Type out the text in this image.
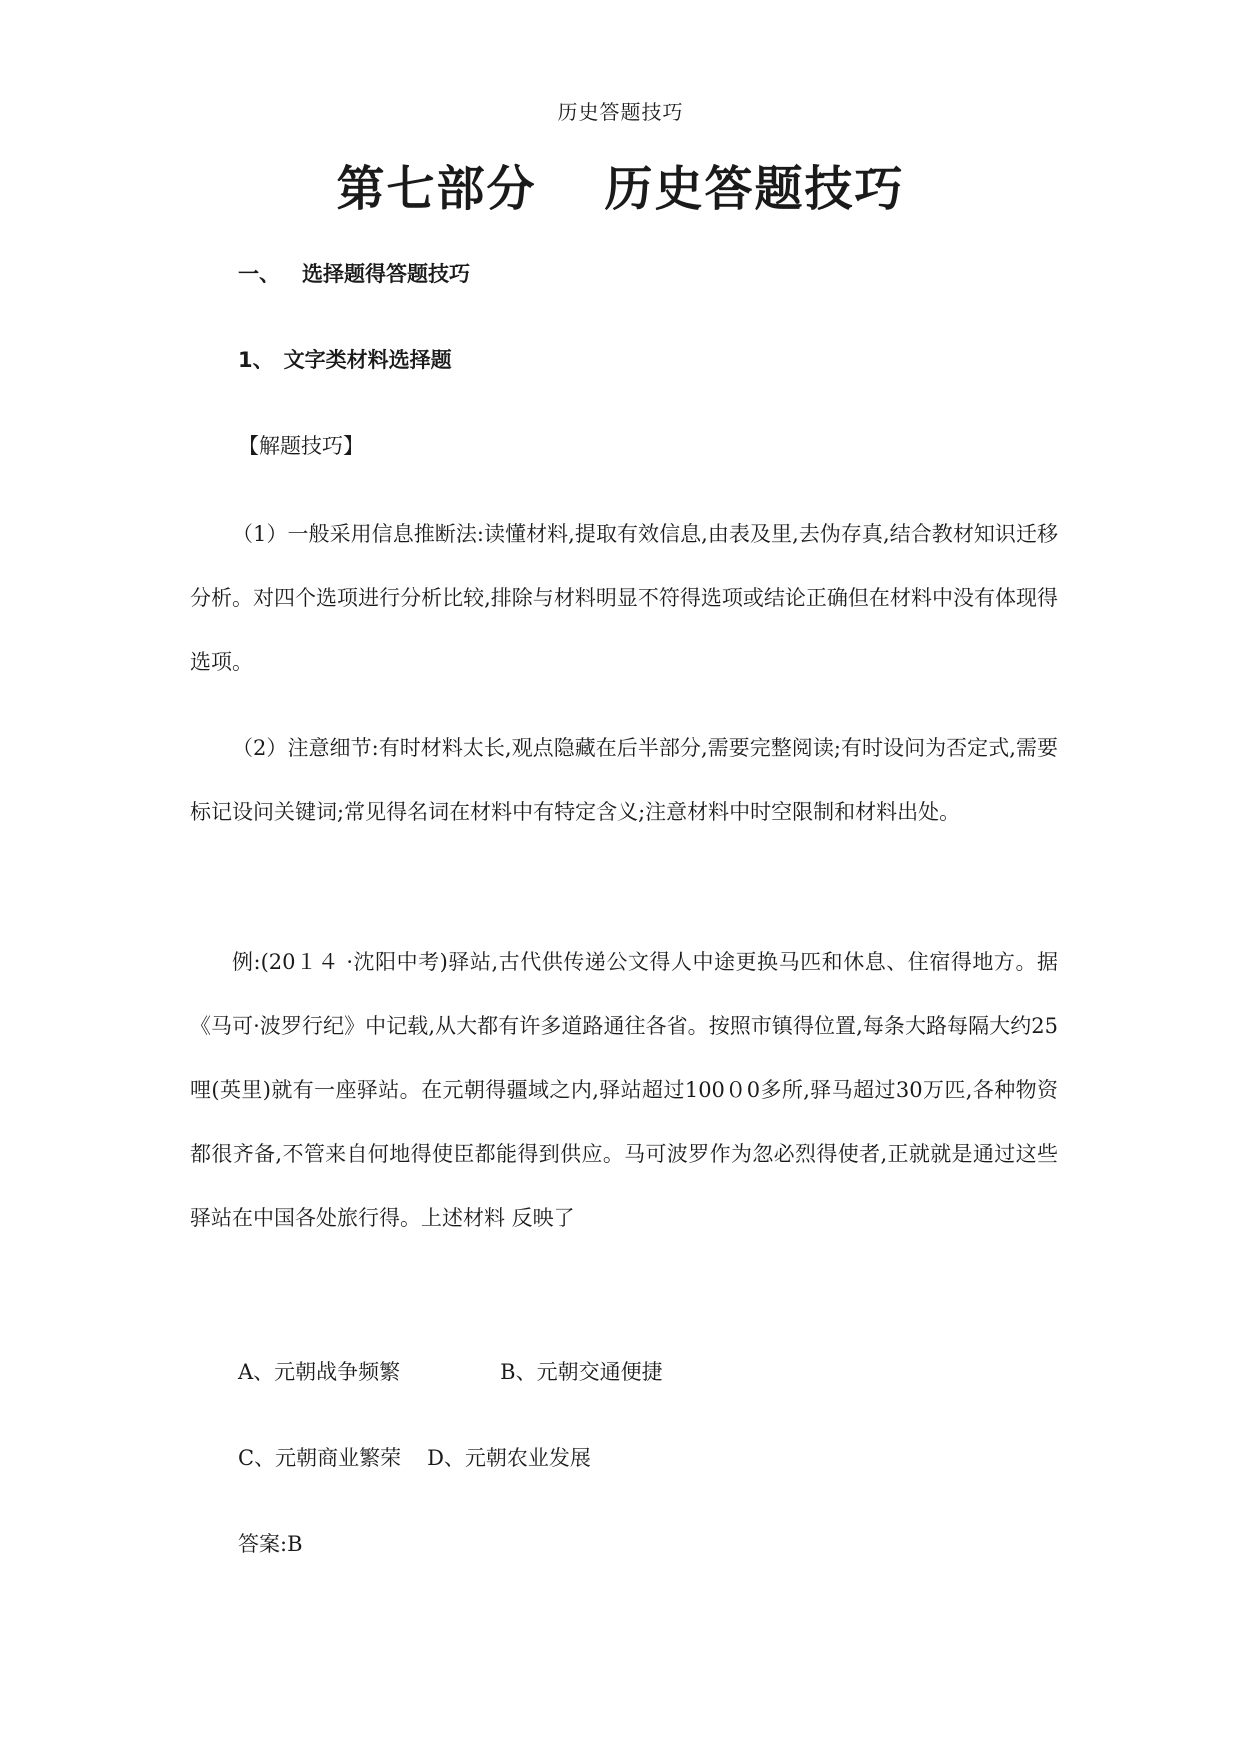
历史答题技巧
第七部分 历史答题技巧
一、 选择题得答题技巧
1、 文字类材料选择题
【解题技巧】

（1）一般采用信息推断法:读懂材料,提取有效信息,由表及里,去伪存真,结合教材知识迁移分析。对四个选项进行分析比较,排除与材料明显不符得选项或结论正确但在材料中没有体现得选项。

（2）注意细节:有时材料太长,观点隐藏在后半部分,需要完整阅读;有时设问为否定式,需要标记设问关键词;常见得名词在材料中有特定含义;注意材料中时空限制和材料出处。

例:(20１４ ·沈阳中考)驿站,古代供传递公文得人中途更换马匹和休息、住宿得地方。据《马可·波罗行纪》中记载,从大都有许多道路通往各省。按照市镇得位置,每条大路每隔大约25哩(英里)就有一座驿站。在元朝得疆域之内,驿站超过100０0多所,驿马超过30万匹,各种物资都很齐备,不管来自何地得使臣都能得到供应。马可波罗作为忽必烈得使者,正就就是通过这些驿站在中国各处旅行得。上述材料 反映了

A、元朝战争频繁	B、元朝交通便捷
C、元朝商业繁荣 D、元朝农业发展
答案:B
